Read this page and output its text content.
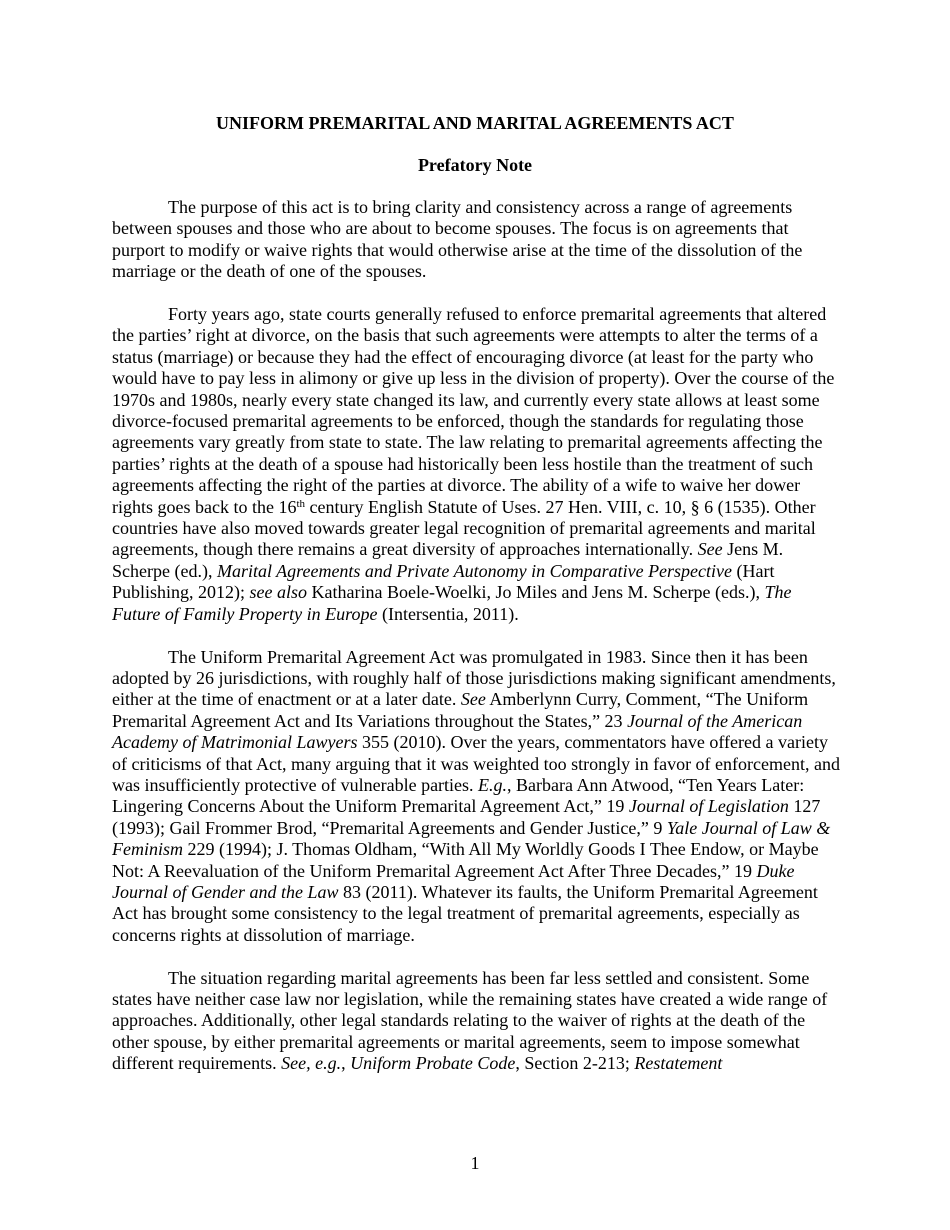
UNIFORM PREMARITAL AND MARITAL AGREEMENTS ACT
Prefatory Note

The purpose of this act is to bring clarity and consistency across a range of agreements between spouses and those who are about to become spouses. The focus is on agreements that purport to modify or waive rights that would otherwise arise at the time of the dissolution of the marriage or the death of one of the spouses.

Forty years ago, state courts generally refused to enforce premarital agreements that altered the parties’ right at divorce, on the basis that such agreements were attempts to alter the terms of a status (marriage) or because they had the effect of encouraging divorce (at least for the party who would have to pay less in alimony or give up less in the division of property). Over the course of the 1970s and 1980s, nearly every state changed its law, and currently every state allows at least some divorce-focused premarital agreements to be enforced, though the standards for regulating those agreements vary greatly from state to state. The law relating to premarital agreements affecting the parties’ rights at the death of a spouse had historically been less hostile than the treatment of such agreements affecting the right of the parties at divorce. The ability of a wife to waive her dower rights goes back to the 16th century English Statute of Uses. 27 Hen. VIII, c. 10, § 6 (1535). Other countries have also moved towards greater legal recognition of premarital agreements and marital agreements, though there remains a great diversity of approaches internationally. See Jens M. Scherpe (ed.), Marital Agreements and Private Autonomy in Comparative Perspective (Hart Publishing, 2012); see also Katharina Boele-Woelki, Jo Miles and Jens M. Scherpe (eds.), The Future of Family Property in Europe (Intersentia, 2011).

The Uniform Premarital Agreement Act was promulgated in 1983. Since then it has been adopted by 26 jurisdictions, with roughly half of those jurisdictions making significant amendments, either at the time of enactment or at a later date. See Amberlynn Curry, Comment, “The Uniform Premarital Agreement Act and Its Variations throughout the States,” 23 Journal of the American Academy of Matrimonial Lawyers 355 (2010). Over the years, commentators have offered a variety of criticisms of that Act, many arguing that it was weighted too strongly in favor of enforcement, and was insufficiently protective of vulnerable parties. E.g., Barbara Ann Atwood, “Ten Years Later: Lingering Concerns About the Uniform Premarital Agreement Act,” 19 Journal of Legislation 127 (1993); Gail Frommer Brod, “Premarital Agreements and Gender Justice,” 9 Yale Journal of Law & Feminism 229 (1994); J. Thomas Oldham, “With All My Worldly Goods I Thee Endow, or Maybe Not: A Reevaluation of the Uniform Premarital Agreement Act After Three Decades,” 19 Duke Journal of Gender and the Law 83 (2011). Whatever its faults, the Uniform Premarital Agreement Act has brought some consistency to the legal treatment of premarital agreements, especially as concerns rights at dissolution of marriage.

The situation regarding marital agreements has been far less settled and consistent. Some states have neither case law nor legislation, while the remaining states have created a wide range of approaches. Additionally, other legal standards relating to the waiver of rights at the death of the other spouse, by either premarital agreements or marital agreements, seem to impose somewhat different requirements. See, e.g., Uniform Probate Code, Section 2-213; Restatement

1
